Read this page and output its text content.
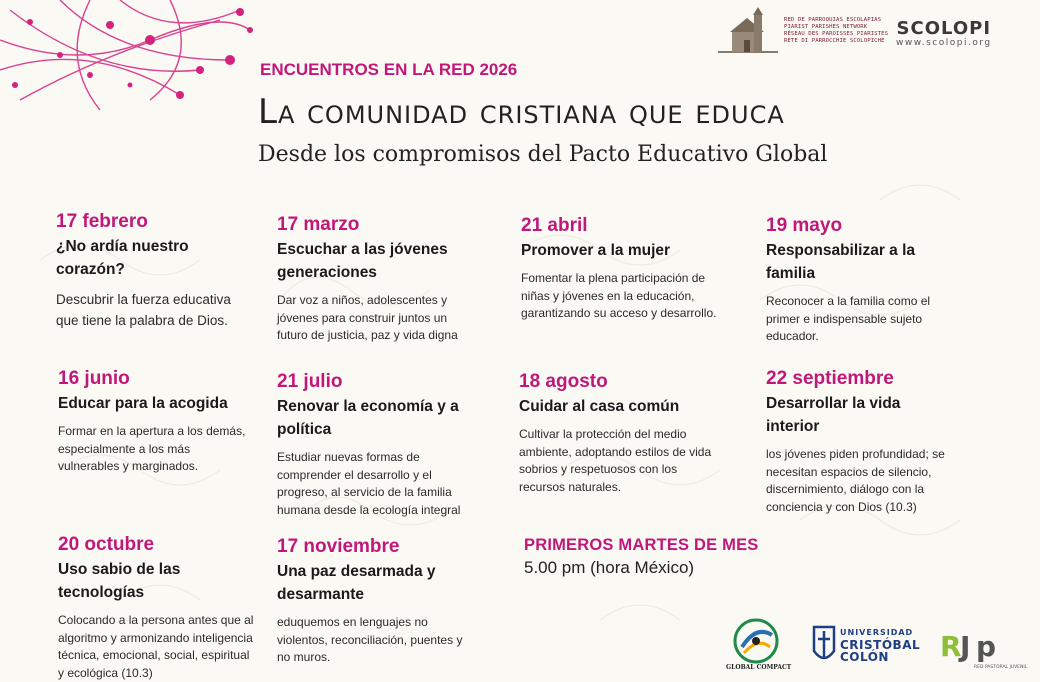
RED DE PARROQUIAS ESCOLAPIAS
PIARIST PARISHES NETWORK
RÉSEAU DES PAROISSES PIARISTES
RETE DI PARROCCHIE SCOLOPICHE
SCOLOPI
www.scolopi.org
ENCUENTROS EN LA RED 2026
La comunidad cristiana que educa
Desde los compromisos del Pacto Educativo Global
17 febrero
¿No ardía nuestro corazón?
Descubrir la fuerza educativa que tiene la palabra de Dios.
17 marzo
Escuchar a las jóvenes generaciones
Dar voz a niños, adolescentes y jóvenes para construir juntos un futuro de justicia, paz y vida digna
21 abril
Promover a la mujer
Fomentar la plena participación de niñas y jóvenes en la educación, garantizando su acceso y desarrollo.
19 mayo
Responsabilizar a la familia
Reconocer a la familia como el primer e indispensable sujeto educador.
16 junio
Educar para la acogida
Formar en la apertura a los demás, especialmente a los más vulnerables y marginados.
21 julio
Renovar la economía y a política
Estudiar nuevas formas de comprender el desarrollo y el progreso, al servicio de la familia humana desde la ecología integral
18 agosto
Cuidar al casa común
Cultivar la protección del medio ambiente, adoptando estilos de vida sobrios y respetuosos con los recursos naturales.
22 septiembre
Desarrollar la vida interior
los jóvenes piden profundidad; se necesitan espacios de silencio, discernimiento, diálogo con la conciencia y con Dios (10.3)
20 octubre
Uso sabio de las tecnologías
Colocando a la persona antes que al algoritmo y armonizando inteligencia técnica, emocional, social, espiritual y ecológica (10.3)
17 noviembre
Una paz desarmada y desarmante
eduquemos en lenguajes no violentos, reconciliación, puentes y no muros.
PRIMEROS MARTES DE MES
5.00 pm (hora México)
GLOBAL COMPACT
UNIVERSIDAD
CRISTÓBAL
COLÓN	R
J p
RED PASTORAL JUVENIL
